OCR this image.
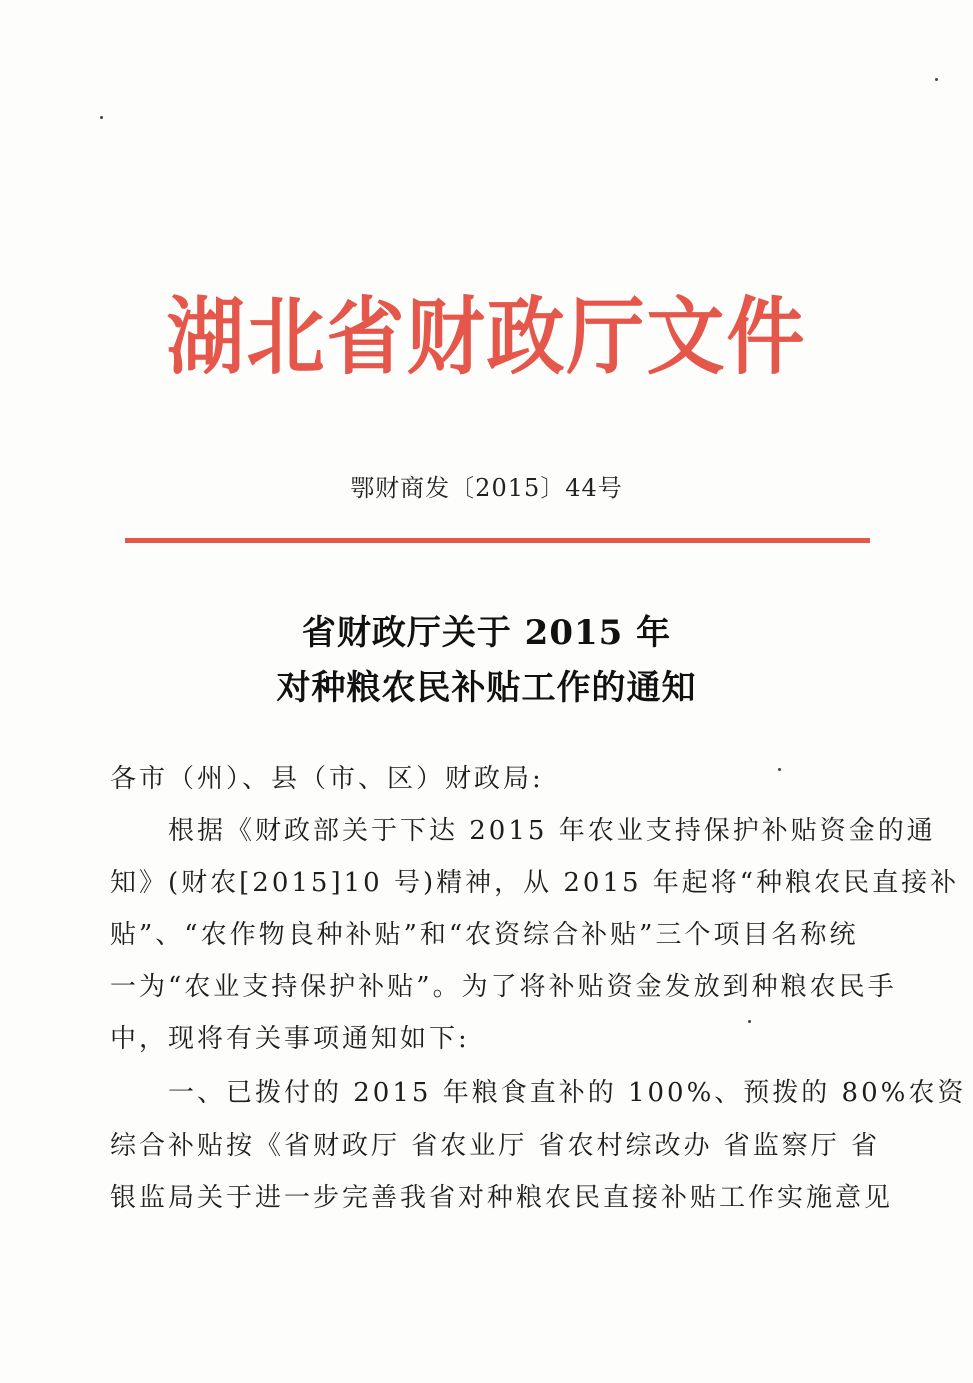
湖北省财政厅文件
鄂财商发〔2015〕44号
省财政厅关于 2015 年
对种粮农民补贴工作的通知
各市（州）、县（市、区）财政局:
　　根据《财政部关于下达 2015 年农业支持保护补贴资金的通
知》(财农[2015]10 号)精神，从 2015 年起将“种粮农民直接补
贴”、“农作物良种补贴”和“农资综合补贴”三个项目名称统
一为“农业支持保护补贴”。为了将补贴资金发放到种粮农民手
中，现将有关事项通知如下:
　　一、已拨付的 2015 年粮食直补的 100%、预拨的 80%农资
综合补贴按《省财政厅 省农业厅 省农村综改办 省监察厅 省
银监局关于进一步完善我省对种粮农民直接补贴工作实施意见
